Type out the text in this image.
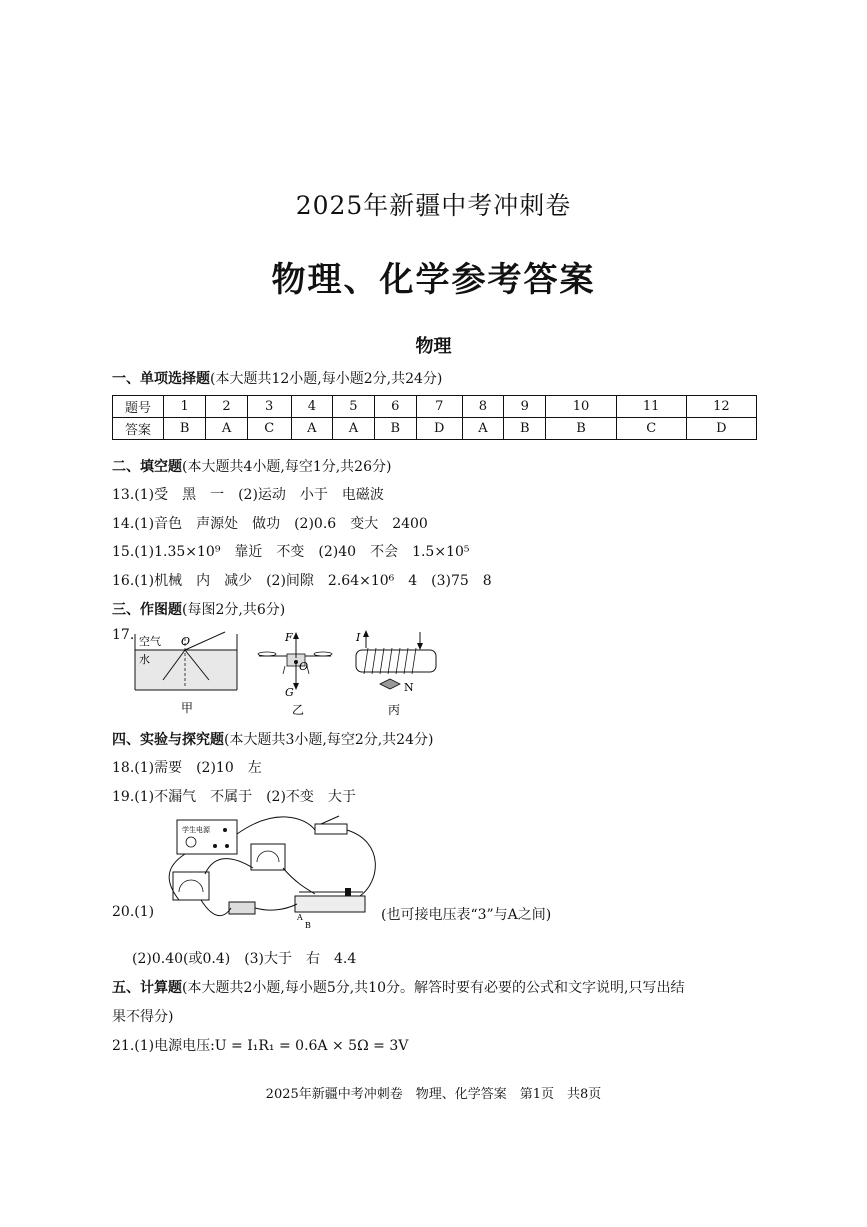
2025年新疆中考冲刺卷
物理、化学参考答案
物理
一、单项选择题(本大题共12小题,每小题2分,共24分)
题号	1	2	3	4	5	6	7	8	9	10	11	12
答案	B	A	C	A	A	B	D	A	B	B	C	D
二、填空题(本大题共4小题,每空1分,共26分)
13.(1)受　黑　一　(2)运动　小于　电磁波
14.(1)音色　声源处　做功　(2)0.6　变大　2400
15.(1)1.35×10⁹　靠近　不变　(2)40　不会　1.5×10⁵
16.(1)机械　内　减少　(2)间隙　2.64×10⁶　4　(3)75　8
三、作图题(每图2分,共6分)
17. 空气
水
O
甲
F
O
G
乙
I
N
丙
四、实验与探究题(本大题共3小题,每空2分,共24分)
18.(1)需要　(2)10　左
19.(1)不漏气　不属于　(2)不变　大于
学生电源
A
B
20.(1)	(也可接电压表“3”与A之间)
(2)0.40(或0.4)　(3)大于　右　4.4
五、计算题(本大题共2小题,每小题5分,共10分。解答时要有必要的公式和文字说明,只写出结
果不得分)
21.(1)电源电压:U = I₁R₁ = 0.6A × 5Ω = 3V
2025年新疆中考冲刺卷　物理、化学答案　第1页　共8页
